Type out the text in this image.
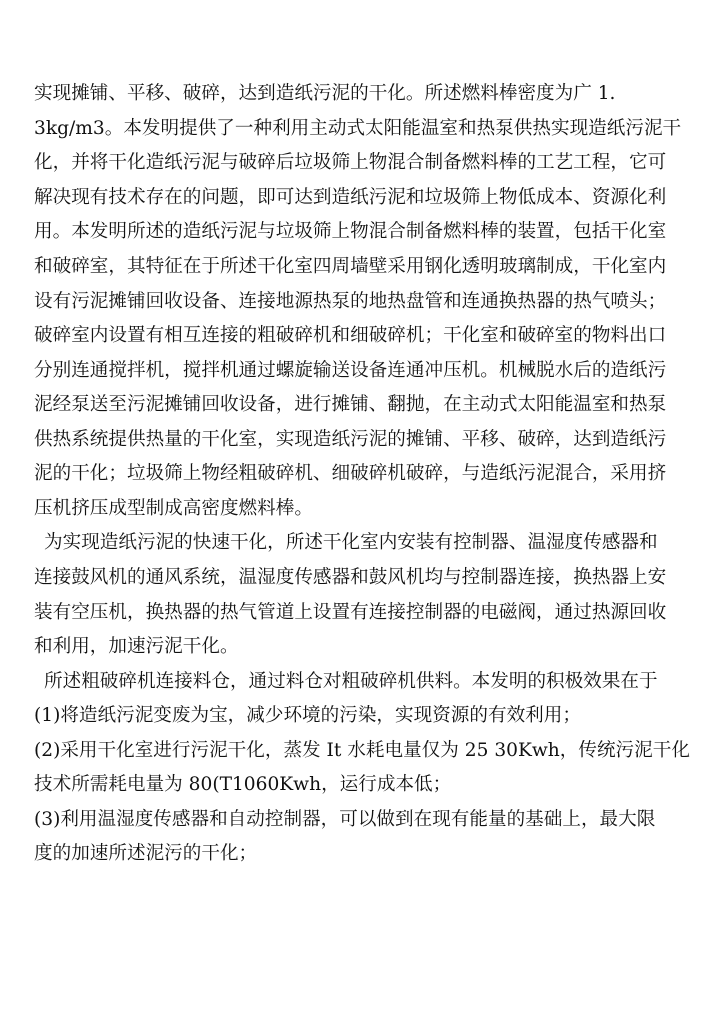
实现摊铺、平移、破碎，达到造纸污泥的干化。所述燃料棒密度为广 1.
3kg/m3。本发明提供了一种利用主动式太阳能温室和热泵供热实现造纸污泥干
化，并将干化造纸污泥与破碎后垃圾筛上物混合制备燃料棒的工艺工程，它可
解决现有技术存在的问题，即可达到造纸污泥和垃圾筛上物低成本、资源化利
用。本发明所述的造纸污泥与垃圾筛上物混合制备燃料棒的装置，包括干化室
和破碎室，其特征在于所述干化室四周墙壁采用钢化透明玻璃制成，干化室内
设有污泥摊铺回收设备、连接地源热泵的地热盘管和连通换热器的热气喷头；
破碎室内设置有相互连接的粗破碎机和细破碎机；干化室和破碎室的物料出口
分别连通搅拌机，搅拌机通过螺旋输送设备连通冲压机。机械脱水后的造纸污
泥经泵送至污泥摊铺回收设备，进行摊铺、翻抛，在主动式太阳能温室和热泵
供热系统提供热量的干化室，实现造纸污泥的摊铺、平移、破碎，达到造纸污
泥的干化；垃圾筛上物经粗破碎机、细破碎机破碎，与造纸污泥混合，采用挤
压机挤压成型制成高密度燃料棒。
为实现造纸污泥的快速干化，所述干化室内安装有控制器、温湿度传感器和
连接鼓风机的通风系统，温湿度传感器和鼓风机均与控制器连接，换热器上安
装有空压机，换热器的热气管道上设置有连接控制器的电磁阀，通过热源回收
和利用，加速污泥干化。
所述粗破碎机连接料仓，通过料仓对粗破碎机供料。本发明的积极效果在于
(1)将造纸污泥变废为宝，减少环境的污染，实现资源的有效利用；
(2)采用干化室进行污泥干化，蒸发 It 水耗电量仅为 25 30Kwh，传统污泥干化
技术所需耗电量为 80(T1060Kwh，运行成本低；
(3)利用温湿度传感器和自动控制器，可以做到在现有能量的基础上，最大限
度的加速所述泥污的干化；
